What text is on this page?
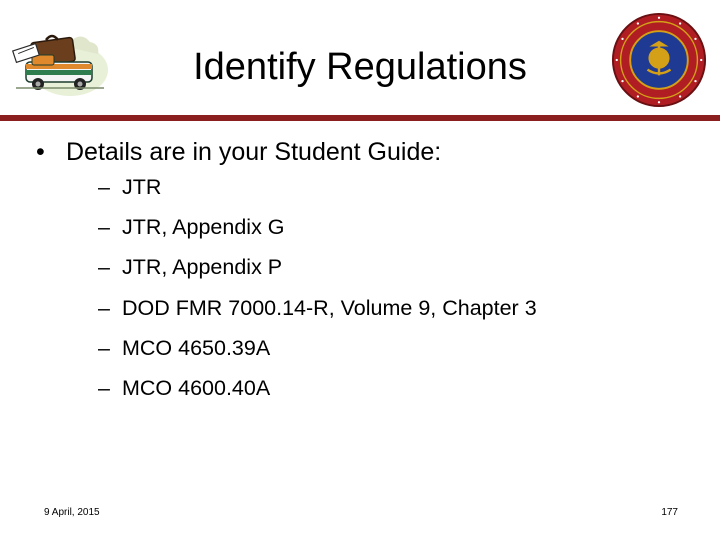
Identify Regulations
• Details are in your Student Guide:
– JTR
– JTR, Appendix G
– JTR, Appendix P
– DOD FMR 7000.14-R, Volume 9, Chapter 3
– MCO 4650.39A
– MCO 4600.40A
9 April, 2015	177
